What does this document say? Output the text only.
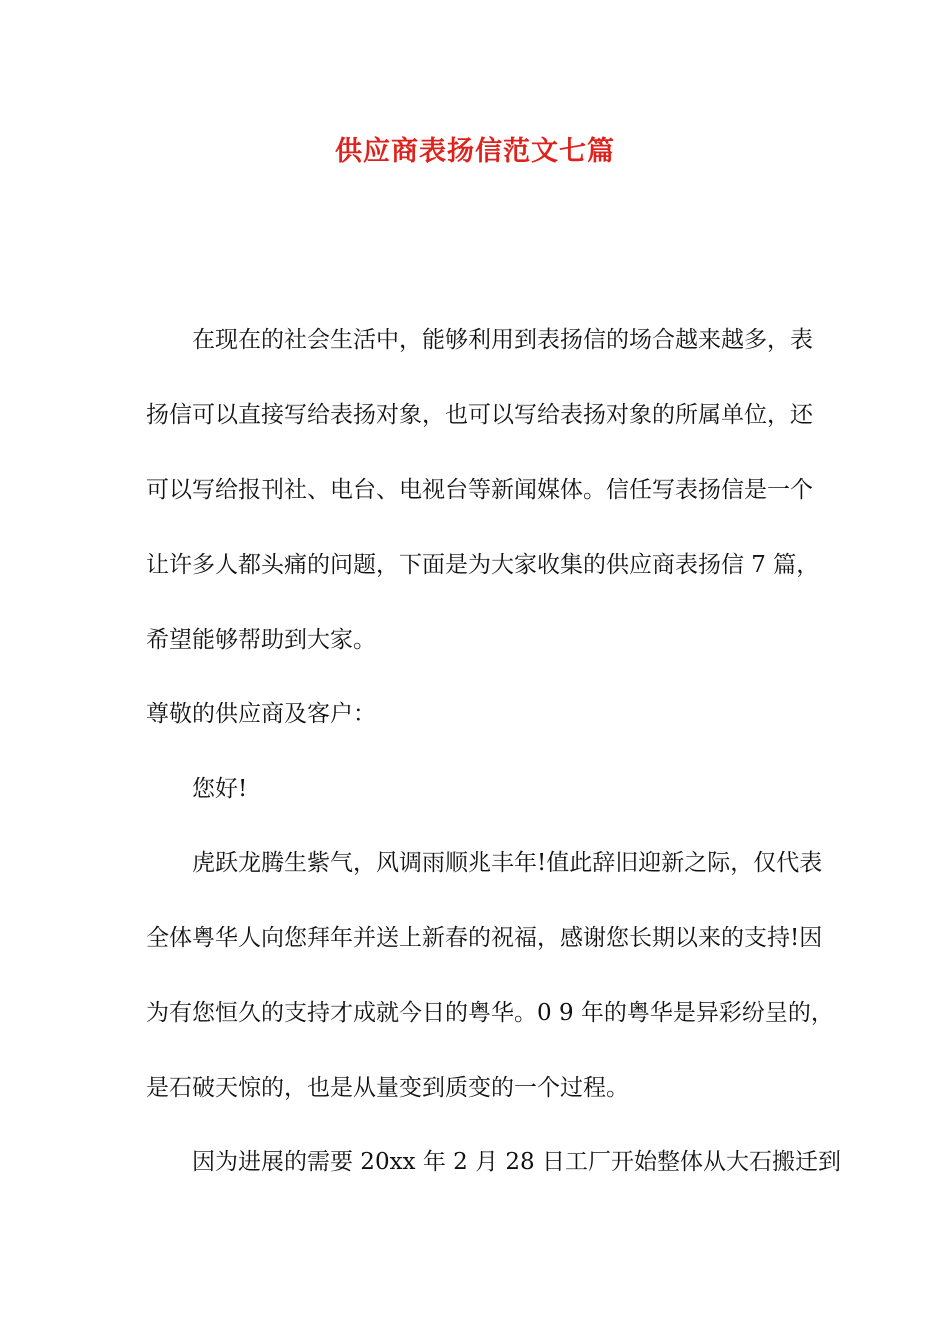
供应商表扬信范文七篇
在现在的社会生活中，能够利用到表扬信的场合越来越多，表
扬信可以直接写给表扬对象，也可以写给表扬对象的所属单位，还
可以写给报刊社、电台、电视台等新闻媒体。信任写表扬信是一个
让许多人都头痛的问题，下面是为大家收集的供应商表扬信 7 篇，
希望能够帮助到大家。
尊敬的供应商及客户：
您好!
虎跃龙腾生紫气，风调雨顺兆丰年!值此辞旧迎新之际，仅代表
全体粤华人向您拜年并送上新春的祝福，感谢您长期以来的支持!因
为有您恒久的支持才成就今日的粤华。0 9 年的粤华是异彩纷呈的，
是石破天惊的，也是从量变到质变的一个过程。
因为进展的需要 20xx 年 2 月 28 日工厂开始整体从大石搬迁到
